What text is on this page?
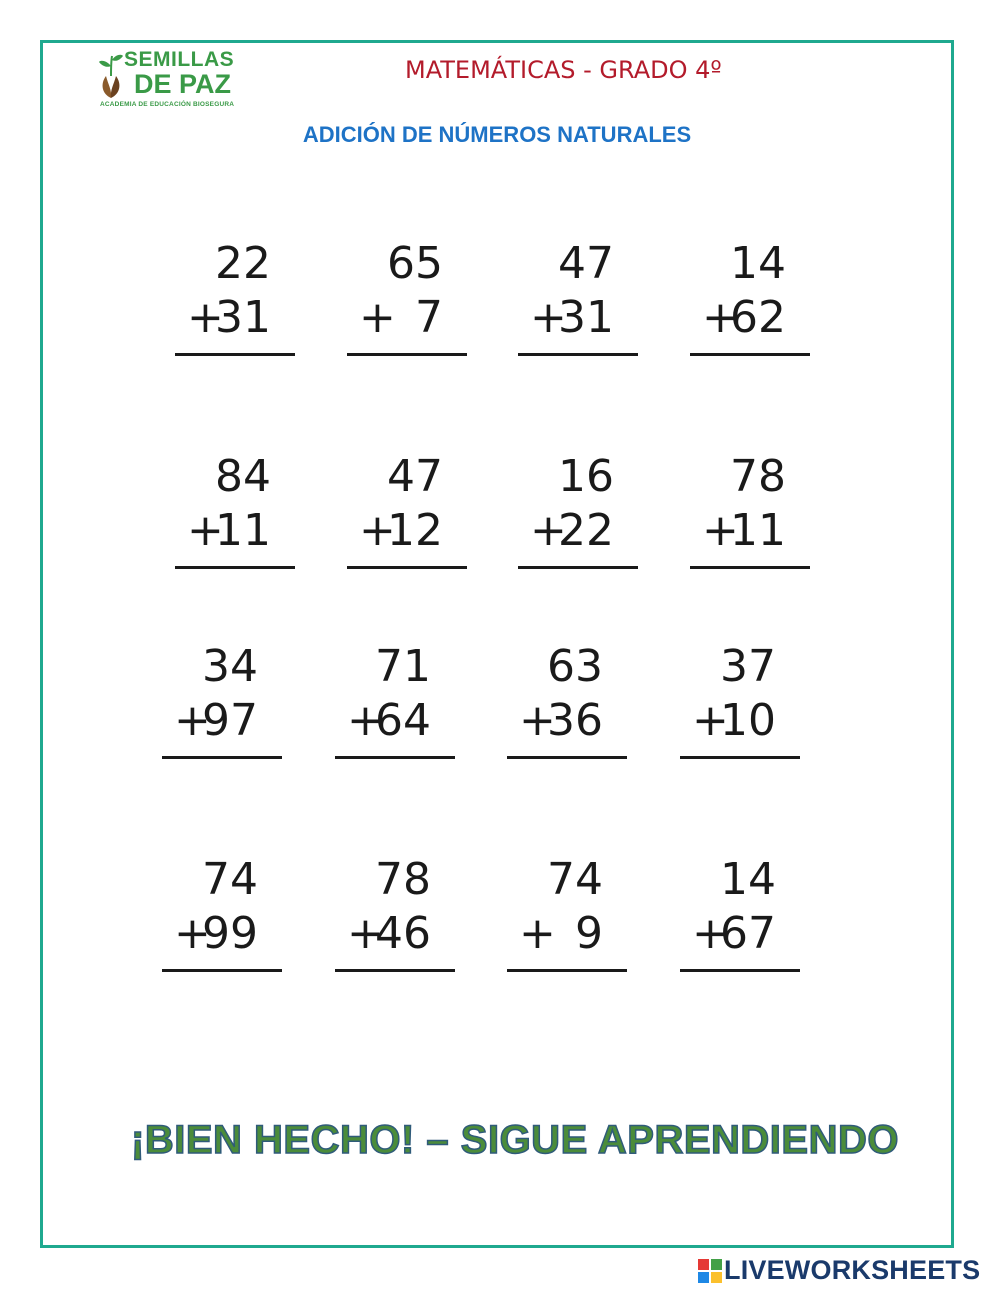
SEMILLAS
DE PAZ
ACADEMIA DE EDUCACIÓN BIOSEGURA
MATEMÁTICAS - GRADO 4º
ADICIÓN DE NÚMEROS NATURALES
22
+
31
65
+ 7
47
+
31
14
+
62
84
+
11
47
+
12
16
+
22
78
+
11
34
+
97
71
+
64
63
+
36
37
+
10
74
+
99
78
+
46
74
+ 9
14
+
67
¡BIEN HECHO! – SIGUE APRENDIENDO
LIVEWORKSHEETS
